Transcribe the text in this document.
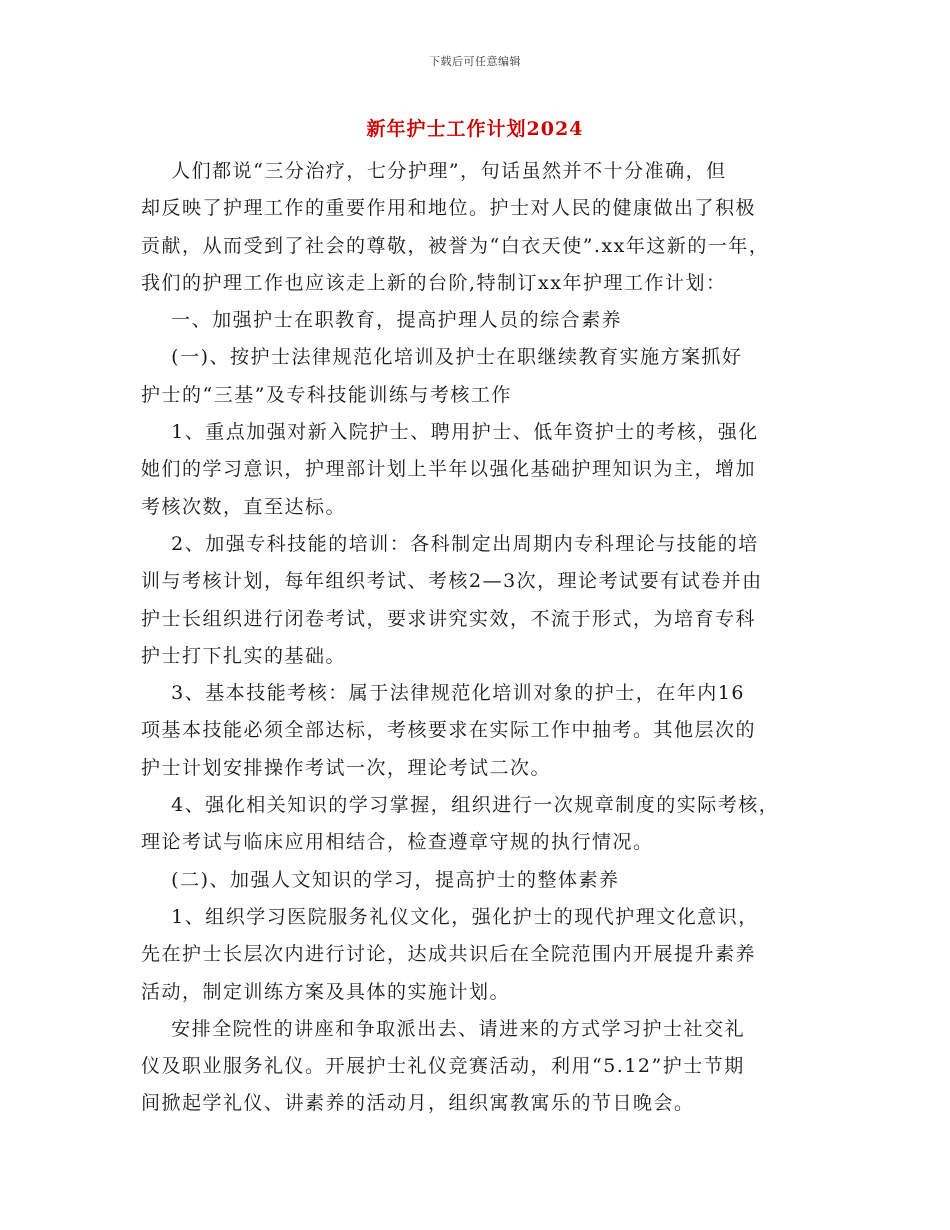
下载后可任意编辑
新年护士工作计划2024

人们都说“三分治疗，七分护理”，句话虽然并不十分准确，但

却反映了护理工作的重要作用和地位。护士对人民的健康做出了积极

贡献，从而受到了社会的尊敬，被誉为“白衣天使”.xx年这新的一年，

我们的护理工作也应该走上新的台阶,特制订xx年护理工作计划：

一、加强护士在职教育，提高护理人员的综合素养

(一)、按护士法律规范化培训及护士在职继续教育实施方案抓好

护士的“三基”及专科技能训练与考核工作

1、重点加强对新入院护士、聘用护士、低年资护士的考核，强化

她们的学习意识，护理部计划上半年以强化基础护理知识为主，增加

考核次数，直至达标。

2、加强专科技能的培训：各科制定出周期内专科理论与技能的培

训与考核计划，每年组织考试、考核2—3次，理论考试要有试卷并由

护士长组织进行闭卷考试，要求讲究实效，不流于形式，为培育专科

护士打下扎实的基础。

3、基本技能考核：属于法律规范化培训对象的护士，在年内16

项基本技能必须全部达标，考核要求在实际工作中抽考。其他层次的

护士计划安排操作考试一次，理论考试二次。

4、强化相关知识的学习掌握，组织进行一次规章制度的实际考核，

理论考试与临床应用相结合，检查遵章守规的执行情况。

(二)、加强人文知识的学习，提高护士的整体素养

1、组织学习医院服务礼仪文化，强化护士的现代护理文化意识，

先在护士长层次内进行讨论，达成共识后在全院范围内开展提升素养

活动，制定训练方案及具体的实施计划。

安排全院性的讲座和争取派出去、请进来的方式学习护士社交礼

仪及职业服务礼仪。开展护士礼仪竞赛活动，利用“5.12”护士节期

间掀起学礼仪、讲素养的活动月，组织寓教寓乐的节日晚会。
